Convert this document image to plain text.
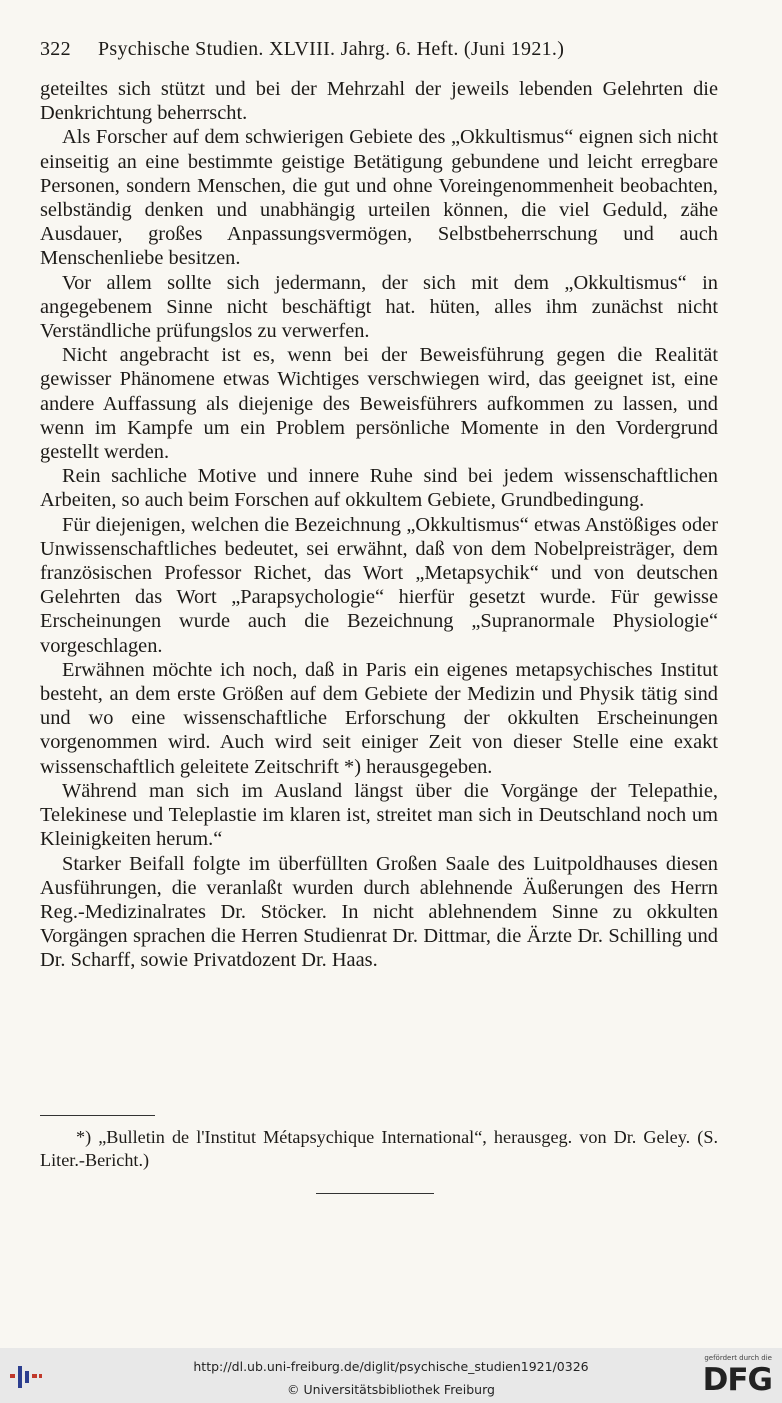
322 Psychische Studien. XLVIII. Jahrg. 6. Heft. (Juni 1921.)

geteiltes sich stützt und bei der Mehrzahl der jeweils lebenden Gelehrten die Denkrichtung beherrscht.

Als Forscher auf dem schwierigen Gebiete des „Okkultismus“ eignen sich nicht einseitig an eine bestimmte geistige Betätigung gebundene und leicht erregbare Personen, sondern Menschen, die gut und ohne Voreingenommenheit beobachten, selbständig denken und unabhängig urteilen können, die viel Geduld, zähe Ausdauer, großes Anpassungsvermögen, Selbstbeherrschung und auch Menschenliebe besitzen.

Vor allem sollte sich jedermann, der sich mit dem „Okkultismus“ in angegebenem Sinne nicht beschäftigt hat. hüten, alles ihm zunächst nicht Verständliche prüfungslos zu verwerfen.

Nicht angebracht ist es, wenn bei der Beweisführung gegen die Realität gewisser Phänomene etwas Wichtiges verschwiegen wird, das geeignet ist, eine andere Auffassung als diejenige des Beweisführers aufkommen zu lassen, und wenn im Kampfe um ein Problem persönliche Momente in den Vordergrund gestellt werden.

Rein sachliche Motive und innere Ruhe sind bei jedem wissenschaftlichen Arbeiten, so auch beim Forschen auf okkultem Gebiete, Grundbedingung.

Für diejenigen, welchen die Bezeichnung „Okkultismus“ etwas Anstößiges oder Unwissenschaftliches bedeutet, sei erwähnt, daß von dem Nobelpreisträger, dem französischen Professor Richet, das Wort „Metapsychik“ und von deutschen Gelehrten das Wort „Parapsychologie“ hierfür gesetzt wurde. Für gewisse Erscheinungen wurde auch die Bezeichnung „Supranormale Physiologie“ vorgeschlagen.

Erwähnen möchte ich noch, daß in Paris ein eigenes metapsychisches Institut besteht, an dem erste Größen auf dem Gebiete der Medizin und Physik tätig sind und wo eine wissenschaftliche Erforschung der okkulten Erscheinungen vorgenommen wird. Auch wird seit einiger Zeit von dieser Stelle eine exakt wissenschaftlich geleitete Zeitschrift *) herausgegeben.

Während man sich im Ausland längst über die Vorgänge der Telepathie, Telekinese und Teleplastie im klaren ist, streitet man sich in Deutschland noch um Kleinigkeiten herum.“

Starker Beifall folgte im überfüllten Großen Saale des Luitpoldhauses diesen Ausführungen, die veranlaßt wurden durch ablehnende Äußerungen des Herrn Reg.-Medizinalrates Dr. Stöcker. In nicht ablehnendem Sinne zu okkulten Vorgängen sprachen die Herren Studienrat Dr. Dittmar, die Ärzte Dr. Schilling und Dr. Scharff, sowie Privatdozent Dr. Haas.

*) „Bulletin de l'Institut Métapsychique International“, herausgeg. von Dr. Geley. (S. Liter.-Bericht.)
http://dl.ub.uni-freiburg.de/diglit/psychische_studien1921/0326
© Universitätsbibliothek Freiburg
gefördert durch die
DFG
